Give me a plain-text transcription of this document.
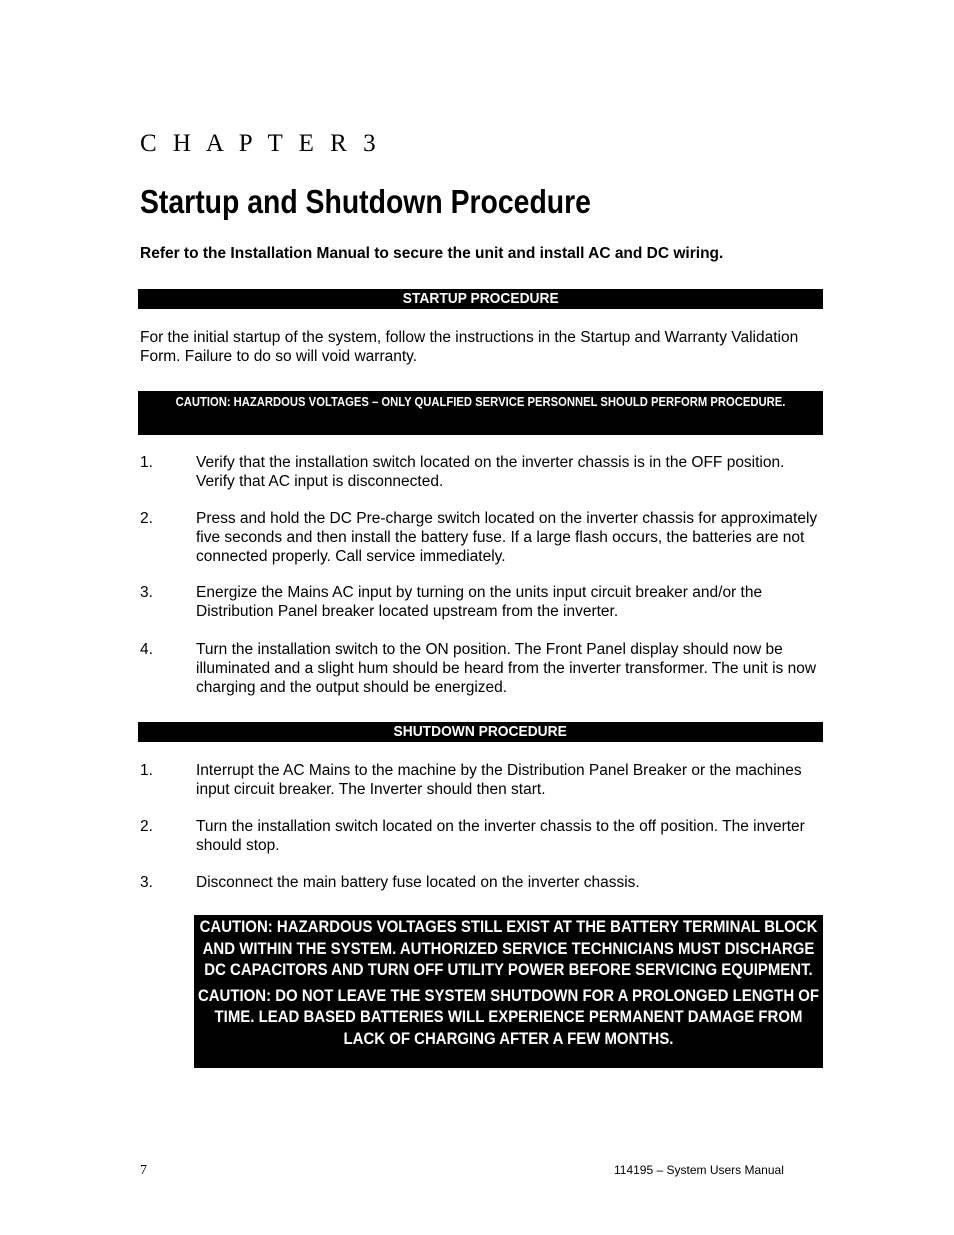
C H A P T E R 3
Startup and Shutdown Procedure
Refer to the Installation Manual to secure the unit and install AC and DC wiring.
STARTUP PROCEDURE
For the initial startup of the system, follow the instructions in the Startup and Warranty Validation Form. Failure to do so will void warranty.
CAUTION: HAZARDOUS VOLTAGES – ONLY QUALFIED SERVICE PERSONNEL SHOULD PERFORM PROCEDURE.
1.	Verify that the installation switch located on the inverter chassis is in the OFF position. Verify that AC input is disconnected.
2.	Press and hold the DC Pre-charge switch located on the inverter chassis for approximately five seconds and then install the battery fuse. If a large flash occurs, the batteries are not connected properly. Call service immediately.
3.	Energize the Mains AC input by turning on the units input circuit breaker and/or the Distribution Panel breaker located upstream from the inverter.
4.	Turn the installation switch to the ON position. The Front Panel display should now be illuminated and a slight hum should be heard from the inverter transformer. The unit is now charging and the output should be energized.
SHUTDOWN PROCEDURE
1.	Interrupt the AC Mains to the machine by the Distribution Panel Breaker or the machines input circuit breaker. The Inverter should then start.
2.	Turn the installation switch located on the inverter chassis to the off position. The inverter should stop.
3.	Disconnect the main battery fuse located on the inverter chassis.

CAUTION: HAZARDOUS VOLTAGES STILL EXIST AT THE BATTERY TERMINAL BLOCK AND WITHIN THE SYSTEM. AUTHORIZED SERVICE TECHNICIANS MUST DISCHARGE DC CAPACITORS AND TURN OFF UTILITY POWER BEFORE SERVICING EQUIPMENT.

CAUTION: DO NOT LEAVE THE SYSTEM SHUTDOWN FOR A PROLONGED LENGTH OF TIME. LEAD BASED BATTERIES WILL EXPERIENCE PERMANENT DAMAGE FROM LACK OF CHARGING AFTER A FEW MONTHS.

7	114195 – System Users Manual
